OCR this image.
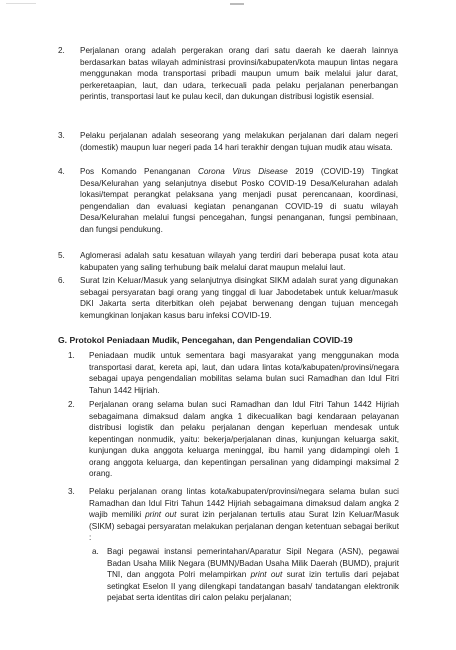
2. Perjalanan orang adalah pergerakan orang dari satu daerah ke daerah lainnya berdasarkan batas wilayah administrasi provinsi/kabupaten/kota maupun lintas negara menggunakan moda transportasi pribadi maupun umum baik melalui jalur darat, perkeretaapian, laut, dan udara, terkecuali pada pelaku perjalanan penerbangan perintis, transportasi laut ke pulau kecil, dan dukungan distribusi logistik esensial.

3. Pelaku perjalanan adalah seseorang yang melakukan perjalanan dari dalam negeri (domestik) maupun luar negeri pada 14 hari terakhir dengan tujuan mudik atau wisata.

4. Pos Komando Penanganan Corona Virus Disease 2019 (COVID-19) Tingkat Desa/Kelurahan yang selanjutnya disebut Posko COVID-19 Desa/Kelurahan adalah lokasi/tempat perangkat pelaksana yang menjadi pusat perencanaan, koordinasi, pengendalian dan evaluasi kegiatan penanganan COVID-19 di suatu wilayah Desa/Kelurahan melalui fungsi pencegahan, fungsi penanganan, fungsi pembinaan, dan fungsi pendukung.

5. Aglomerasi adalah satu kesatuan wilayah yang terdiri dari beberapa pusat kota atau kabupaten yang saling terhubung baik melalui darat maupun melalui laut.

6. Surat Izin Keluar/Masuk yang selanjutnya disingkat SIKM adalah surat yang digunakan sebagai persyaratan bagi orang yang tinggal di luar Jabodetabek untuk keluar/masuk DKI Jakarta serta diterbitkan oleh pejabat berwenang dengan tujuan mencegah kemungkinan lonjakan kasus baru infeksi COVID-19.

G. Protokol Peniadaan Mudik, Pencegahan, dan Pengendalian COVID-19
1. Peniadaan mudik untuk sementara bagi masyarakat yang menggunakan moda transportasi darat, kereta api, laut, dan udara lintas kota/kabupaten/provinsi/negara sebagai upaya pengendalian mobilitas selama bulan suci Ramadhan dan Idul Fitri Tahun 1442 Hijriah.

2. Perjalanan orang selama bulan suci Ramadhan dan Idul Fitri Tahun 1442 Hijriah sebagaimana dimaksud dalam angka 1 dikecualikan bagi kendaraan pelayanan distribusi logistik dan pelaku perjalanan dengan keperluan mendesak untuk kepentingan nonmudik, yaitu: bekerja/perjalanan dinas, kunjungan keluarga sakit, kunjungan duka anggota keluarga meninggal, ibu hamil yang didampingi oleh 1 orang anggota keluarga, dan kepentingan persalinan yang didampingi maksimal 2 orang.

3. Pelaku perjalanan orang lintas kota/kabupaten/provinsi/negara selama bulan suci Ramadhan dan Idul Fitri Tahun 1442 Hijriah sebagaimana dimaksud dalam angka 2 wajib memiliki print out surat izin perjalanan tertulis atau Surat Izin Keluar/Masuk (SIKM) sebagai persyaratan melakukan perjalanan dengan ketentuan sebagai berikut :

a. Bagi pegawai instansi pemerintahan/Aparatur Sipil Negara (ASN), pegawai Badan Usaha Milik Negara (BUMN)/Badan Usaha Milik Daerah (BUMD), prajurit TNI, dan anggota Polri melampirkan print out surat izin tertulis dari pejabat setingkat Eselon II yang dilengkapi tandatangan basah/ tandatangan elektronik pejabat serta identitas diri calon pelaku perjalanan;
